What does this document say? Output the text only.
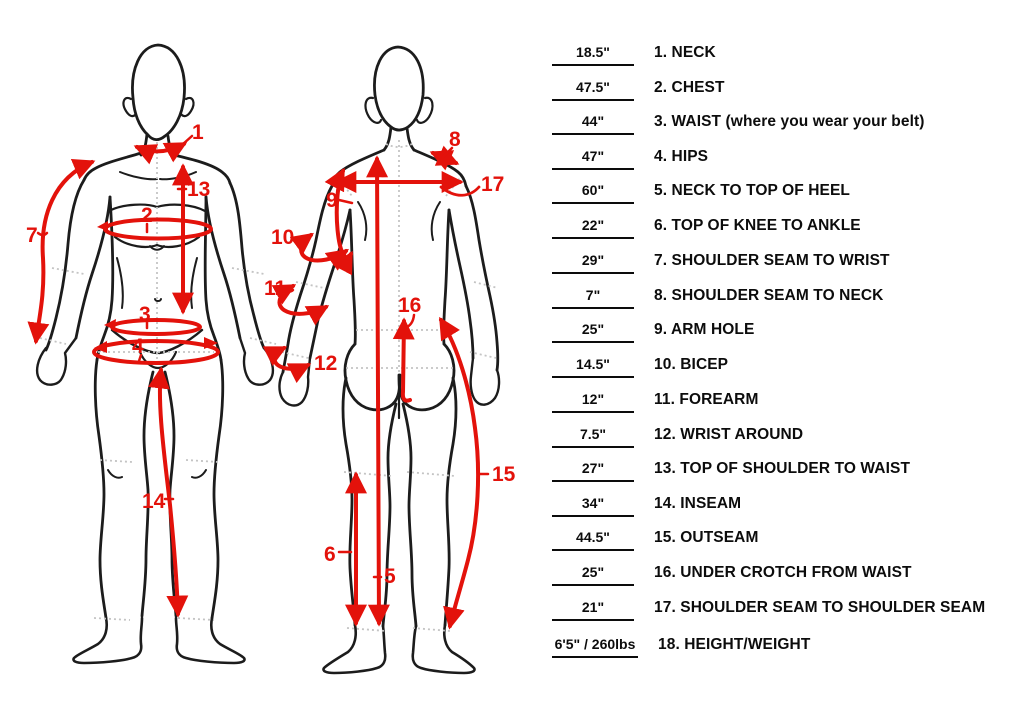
1
2
3
4
7
13
14
5
6
8
9
10
11
12
15
16
17
18.5"	1. NECK
47.5"	2. CHEST
44"	3. WAIST (where you wear your belt)
47"	4. HIPS
60"	5. NECK TO TOP OF HEEL
22"	6. TOP OF KNEE TO ANKLE
29"	7. SHOULDER SEAM TO WRIST
7"	8. SHOULDER SEAM TO NECK
25"	9. ARM HOLE
14.5"	10. BICEP
12"	11. FOREARM
7.5"	12. WRIST AROUND
27"	13. TOP OF SHOULDER TO WAIST
34"	14. INSEAM
44.5"	15. OUTSEAM
25"	16. UNDER CROTCH FROM WAIST
21"	17. SHOULDER SEAM TO SHOULDER SEAM
6'5" / 260lbs 18. HEIGHT/WEIGHT
